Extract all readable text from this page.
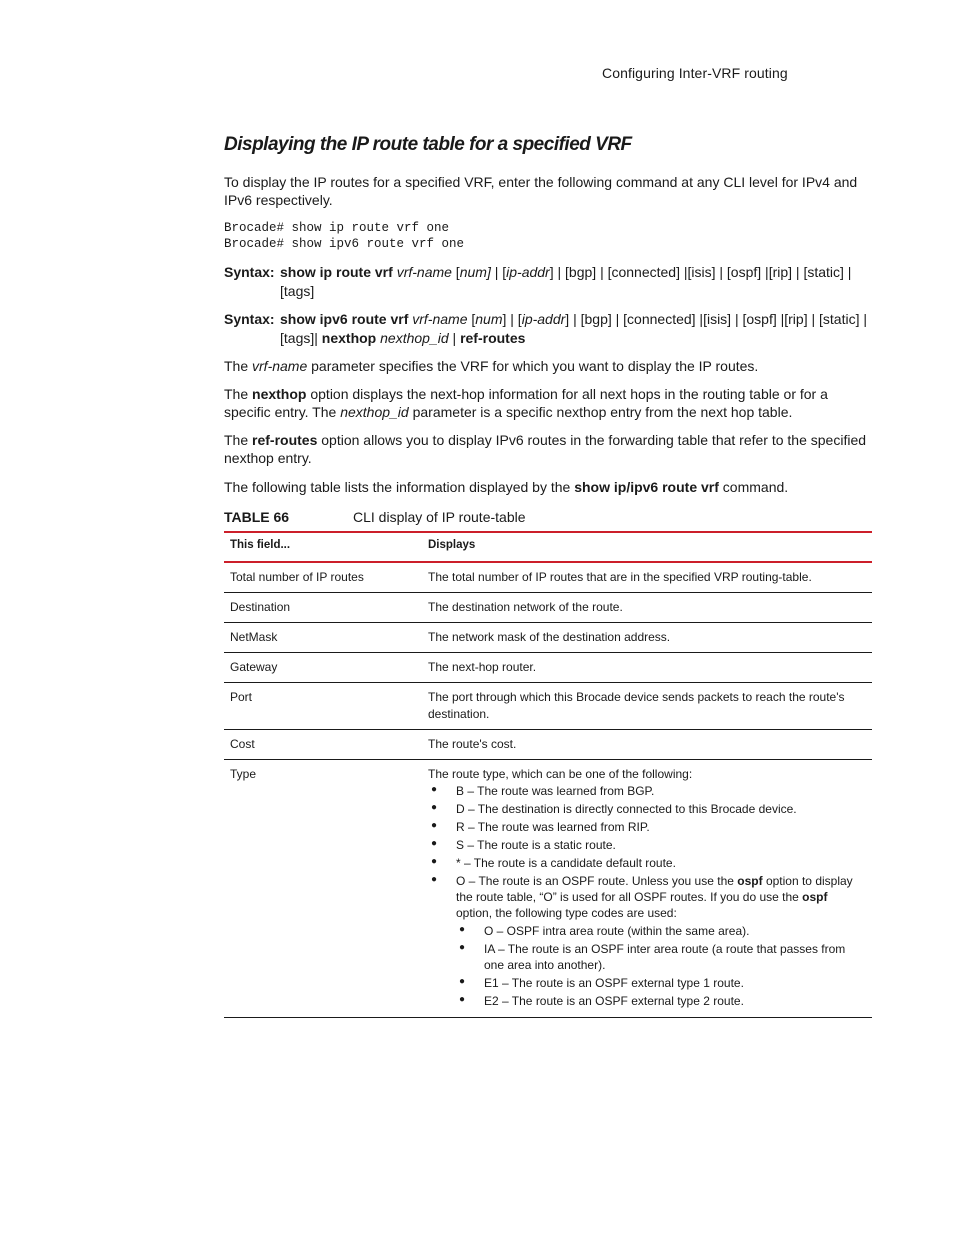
Configuring Inter-VRF routing
Displaying the IP route table for a specified VRF

To display the IP routes for a specified VRF, enter the following command at any CLI level for IPv4 and IPv6 respectively.

Brocade# show ip route vrf one
Brocade# show ipv6 route vrf one
Syntax: show ip route vrf vrf-name [num] | [ip-addr] | [bgp] | [connected] |[isis] | [ospf] |[rip] | [static] | [tags]
Syntax: show ipv6 route vrf vrf-name [num] | [ip-addr] | [bgp] | [connected] |[isis] | [ospf] |[rip] | [static] | [tags]| nexthop nexthop_id | ref-routes

The vrf-name parameter specifies the VRF for which you want to display the IP routes.

The nexthop option displays the next-hop information for all next hops in the routing table or for a specific entry. The nexthop_id parameter is a specific nexthop entry from the next hop table.

The ref-routes option allows you to display IPv6 routes in the forwarding table that refer to the specified nexthop entry.

The following table lists the information displayed by the show ip/ipv6 route vrf command.

TABLE 66	CLI display of IP route-table
This field...	Displays
Total number of IP routes	The total number of IP routes that are in the specified VRP routing-table.
Destination	The destination network of the route.
NetMask	The network mask of the destination address.
Gateway	The next-hop router.
Port	The port through which this Brocade device sends packets to reach the route's destination.
Cost	The route's cost.
Type	The route type, which can be one of the following:
●	B – The route was learned from BGP.
●	D – The destination is directly connected to this Brocade device.
●	R – The route was learned from RIP.
●	S – The route is a static route.
●	* – The route is a candidate default route.
●	O – The route is an OSPF route. Unless you use the ospf option to display the route table, “O” is used for all OSPF routes. If you do use the ospf option, the following type codes are used:
●	O – OSPF intra area route (within the same area).
●	IA – The route is an OSPF inter area route (a route that passes from one area into another).
●	E1 – The route is an OSPF external type 1 route.
●	E2 – The route is an OSPF external type 2 route.
